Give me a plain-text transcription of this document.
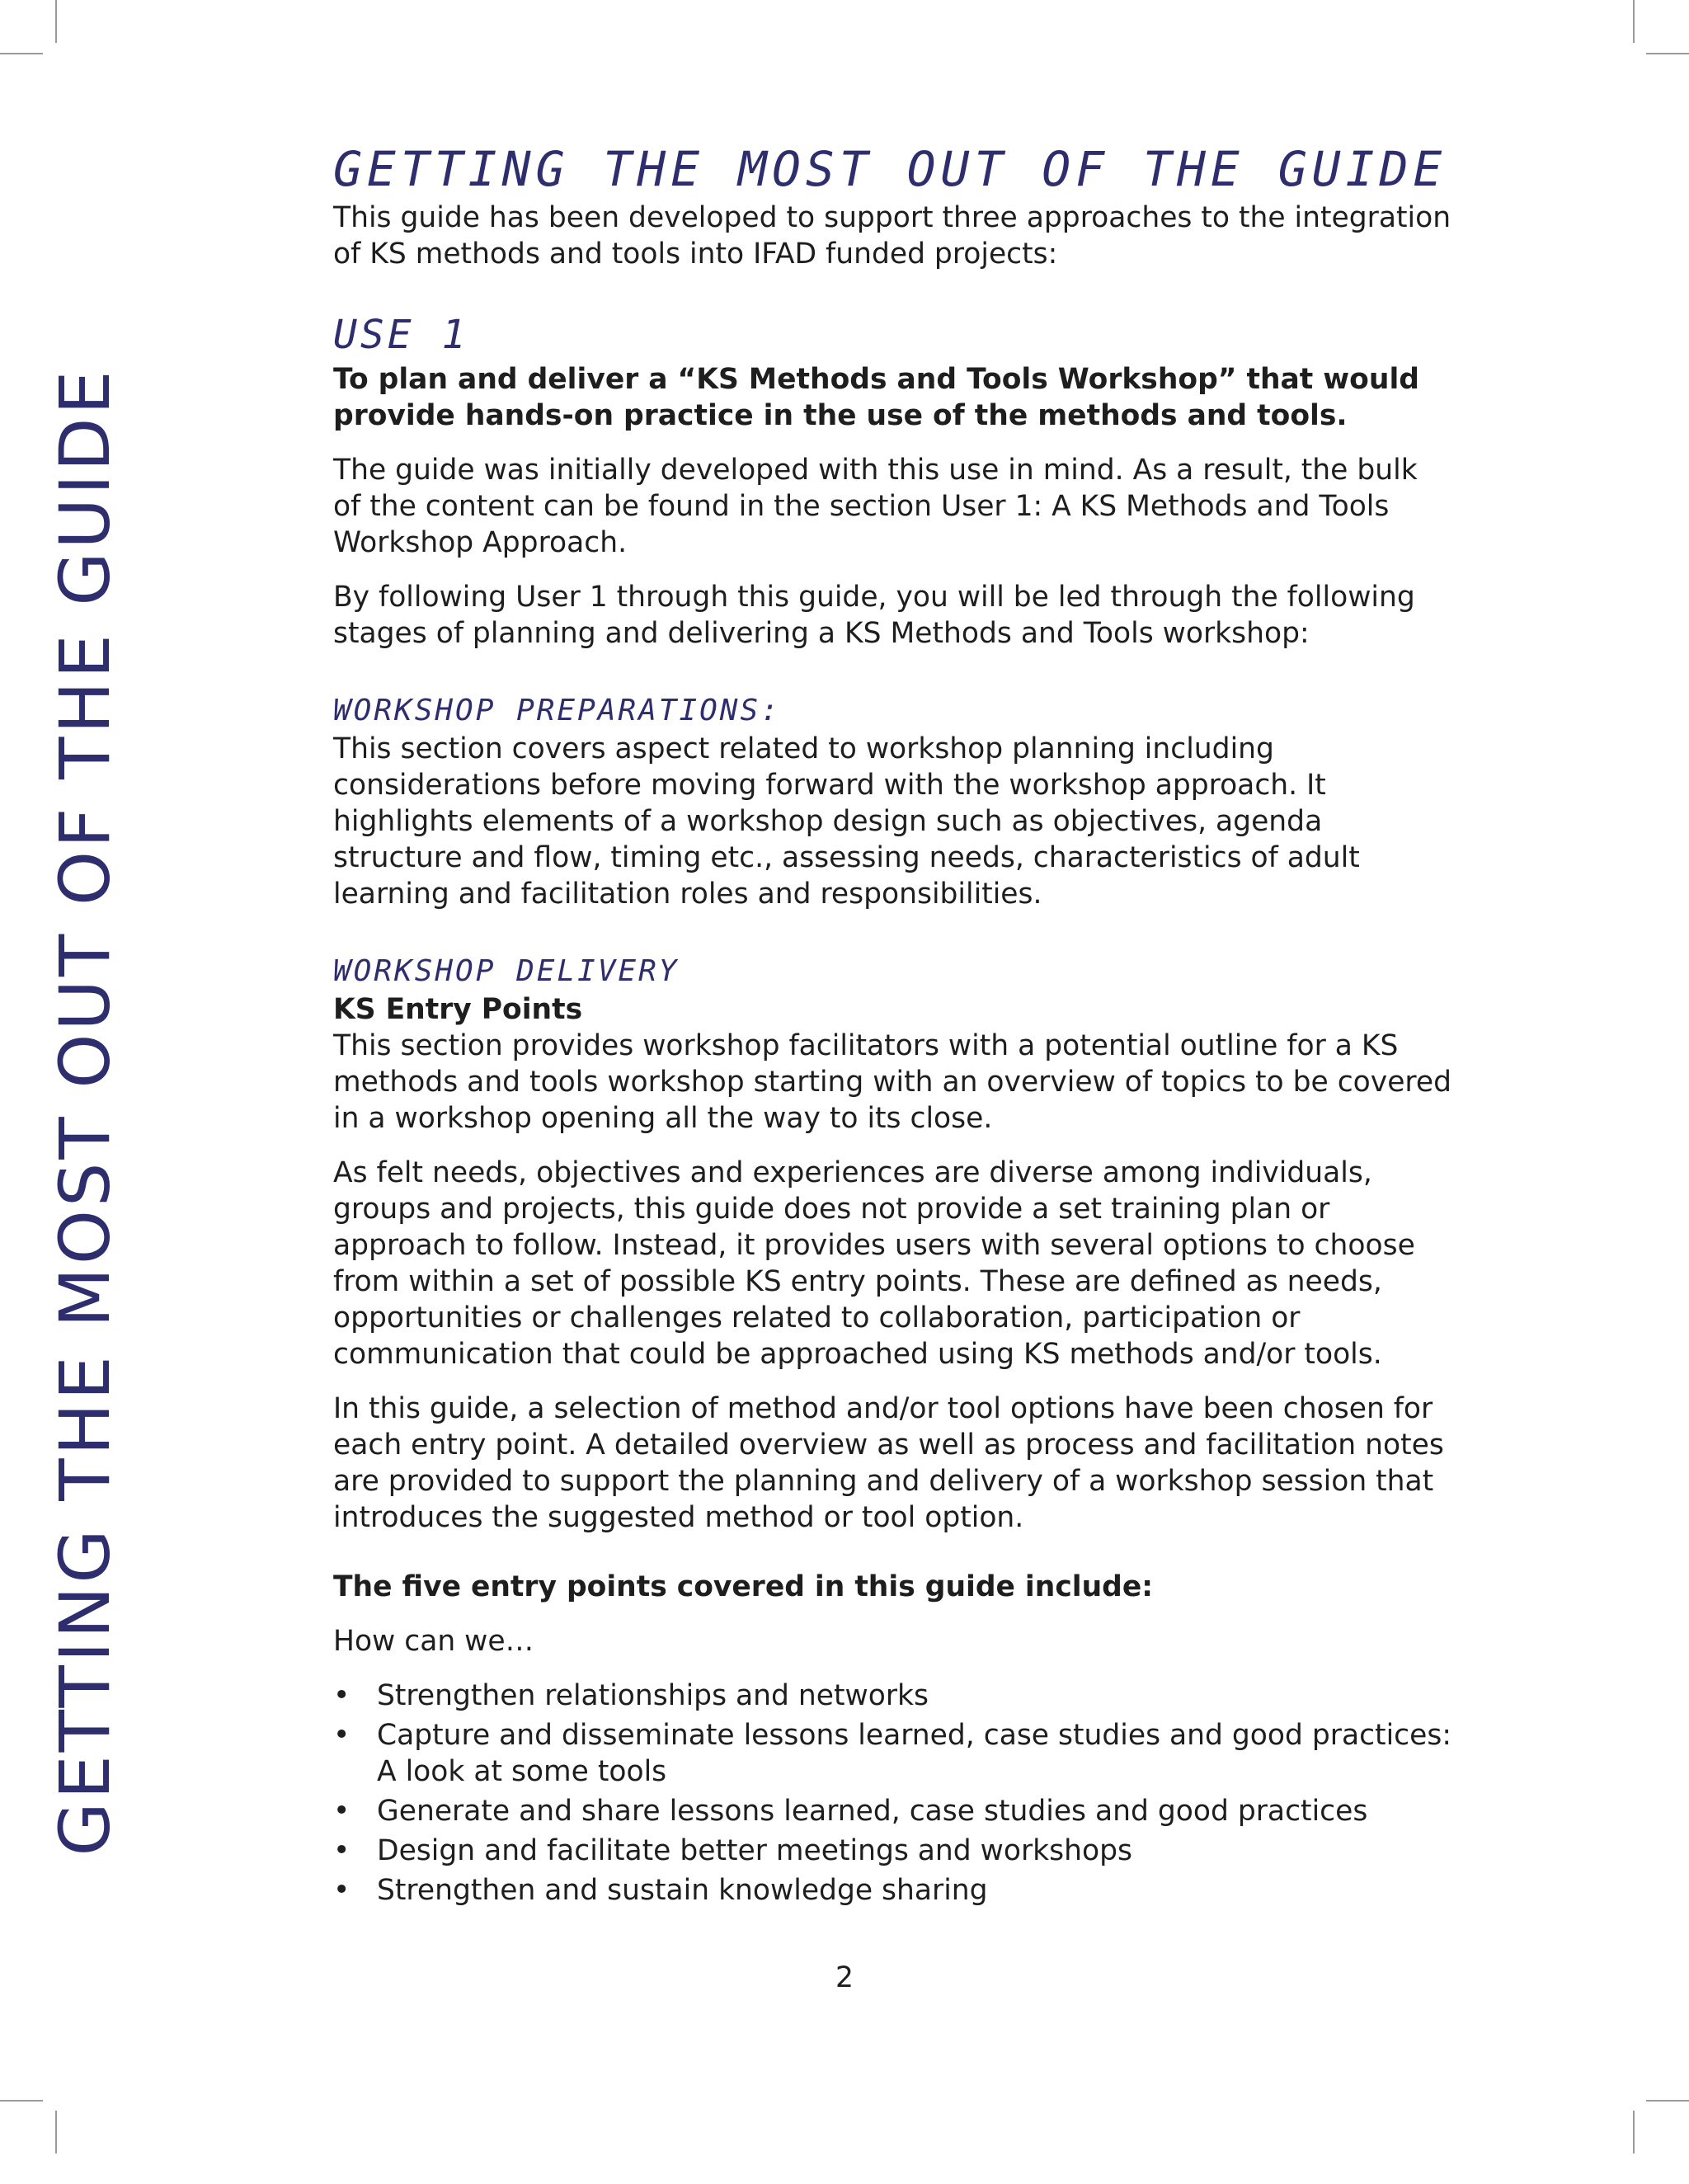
GETTING THE MOST OUT OF THE GUIDE
GETTING THE MOST OUT OF THE GUIDE

This guide has been developed to support three approaches to the integration of KS methods and tools into IFAD funded projects:

USE 1

To plan and deliver a “KS Methods and Tools Workshop” that would provide hands-on practice in the use of the methods and tools.

The guide was initially developed with this use in mind. As a result, the bulk of the content can be found in the section User 1: A KS Methods and Tools Workshop Approach.

By following User 1 through this guide, you will be led through the following stages of planning and delivering a KS Methods and Tools workshop:

WORKSHOP PREPARATIONS:

This section covers aspect related to workshop planning including considerations before moving forward with the workshop approach. It highlights elements of a workshop design such as objectives, agenda structure and flow, timing etc., assessing needs, characteristics of adult learning and facilitation roles and responsibilities.

WORKSHOP DELIVERY

KS Entry Points

This section provides workshop facilitators with a potential outline for a KS methods and tools workshop starting with an overview of topics to be covered in a workshop opening all the way to its close.

As felt needs, objectives and experiences are diverse among individuals, groups and projects, this guide does not provide a set training plan or approach to follow. Instead, it provides users with several options to choose from within a set of possible KS entry points. These are defined as needs, opportunities or challenges related to collaboration, participation or communication that could be approached using KS methods and/or tools.

In this guide, a selection of method and/or tool options have been chosen for each entry point. A detailed overview as well as process and facilitation notes are provided to support the planning and delivery of a workshop session that introduces the suggested method or tool option.

The five entry points covered in this guide include:

How can we…

• Strengthen relationships and networks
• Capture and disseminate lessons learned, case studies and good practices: A look at some tools
• Generate and share lessons learned, case studies and good practices
• Design and facilitate better meetings and workshops
• Strengthen and sustain knowledge sharing
2
